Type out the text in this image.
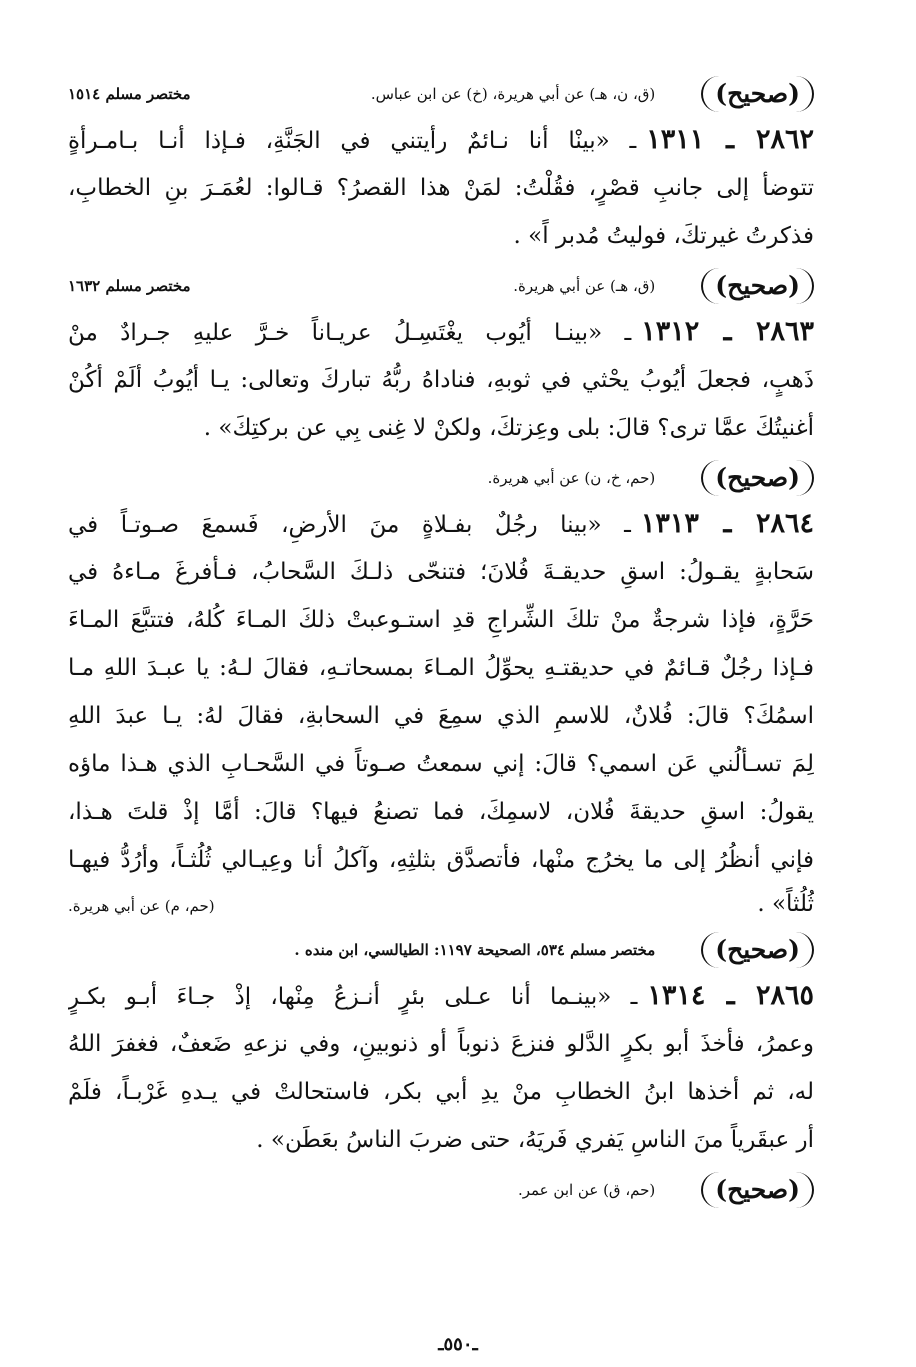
(صحيح)
(ق، ن، هـ) عن أبي هريرة، (خ) عن ابن عباس.
مختصر مسلم ١٥١٤
٢٨٦٢ ـ ١٣١١ـ «بينْا أنا نـائمٌ رأيتني في الجَنَّةِ، فـإذا أنـا بـامـرأةٍ
تتوضأ إلى جانبِ قصْرٍ، فقُلْتُ: لمَنْ هذا القصرُ؟ قـالوا: لعُمَـرَ بنِ الخطابِ،
فذكرتُ غيرتكَ، فوليتُ مُدبر اً» .
(صحيح)
(ق، هـ) عن أبي هريرة.
مختصر مسلم ١٦٣٢
٢٨٦٣ ـ ١٣١٢ـ «بينـا أيُوب يغْتَسِـلُ عريـاناً خـرَّ عليهِ جـرادٌ منْ
ذَهبٍ، فجعلَ أيُوبُ يحْثي في ثوبهِ، فناداهُ ربُّهُ تباركَ وتعالى: يـا أيُوبُ ألَمْ أكُنْ
أغنيتُكَ عمَّا ترى؟ قالَ: بلى وعِزتكَ، ولكنْ لا غِنى بِي عن بركتِكَ» .
(صحيح)
(حم، خ، ن) عن أبي هريرة.
٢٨٦٤ ـ ١٣١٣ـ «بينا رجُلٌ بفـلاةٍ منَ الأرضِ، فَسمعَ صـوتـاً في
سَحابةٍ يقـولُ: اسقِ حديقـةَ فُلانَ؛ فتنحّى ذلـكَ السَّحابُ، فـأفرغَ مـاءهُ في
حَرَّةٍ، فإذا شرجةٌ منْ تلكَ الشِّراجِ قدِ استـوعبتْ ذلكَ المـاءَ كُلهُ، فتتبَّعَ المـاءَ
فـإذا رجُلٌ قـائمٌ في حديقتـهِ يحوِّلُ المـاءَ بمسحاتـهِ، فقالَ لـهُ: يا عبـدَ اللهِ مـا
اسمُكَ؟ قالَ: فُلانٌ، للاسمِ الذي سمِعَ في السحابةِ، فقالَ لهُ: يـا عبدَ اللهِ
لِمَ تسـألُني عَن اسمي؟ قالَ: إني سمعتُ صـوتاً في السَّحـابِ الذي هـذا ماؤه
يقولُ: اسقِ حديقةَ فُلان، لاسمِكَ، فما تصنعُ فيها؟ قالَ: أمَّا إذْ قلتَ هـذا،
فإني أنظُرُ إلى ما يخرُج منْها، فأتصدَّق بثلثِهِ، وآكلُ أنا وعِيـالي ثُلُثـاً، وأرُدُّ فيهـا
ثُلُثاً» .
(حم، م) عن أبي هريرة.
(صحيح)
مختصر مسلم ٥٣٤، الصحيحة ١١٩٧: الطيالسي، ابن منده .
٢٨٦٥ ـ ١٣١٤ـ «بينـما أنا عـلى بئرٍ أنـزعُ مِنْها، إذْ جـاءَ أبـو بكـرٍ
وعمرُ، فأخذَ أبو بكرٍ الدَّلو فنزعَ ذنوباً أو ذنوبينِ، وفي نزعهِ ضَعفٌ، فغفرَ اللهُ
له، ثم أخذها ابنُ الخطابِ منْ يدِ أبي بكر، فاستحالتْ في يـدهِ غَرْبـاً، فلَمْ
أر عبقَرياً منَ الناسِ يَفري فَريَهُ، حتى ضربَ الناسُ بعَطَن» .
(صحيح)
(حم، ق) عن ابن عمر.
ـ٥٥٠ـ
